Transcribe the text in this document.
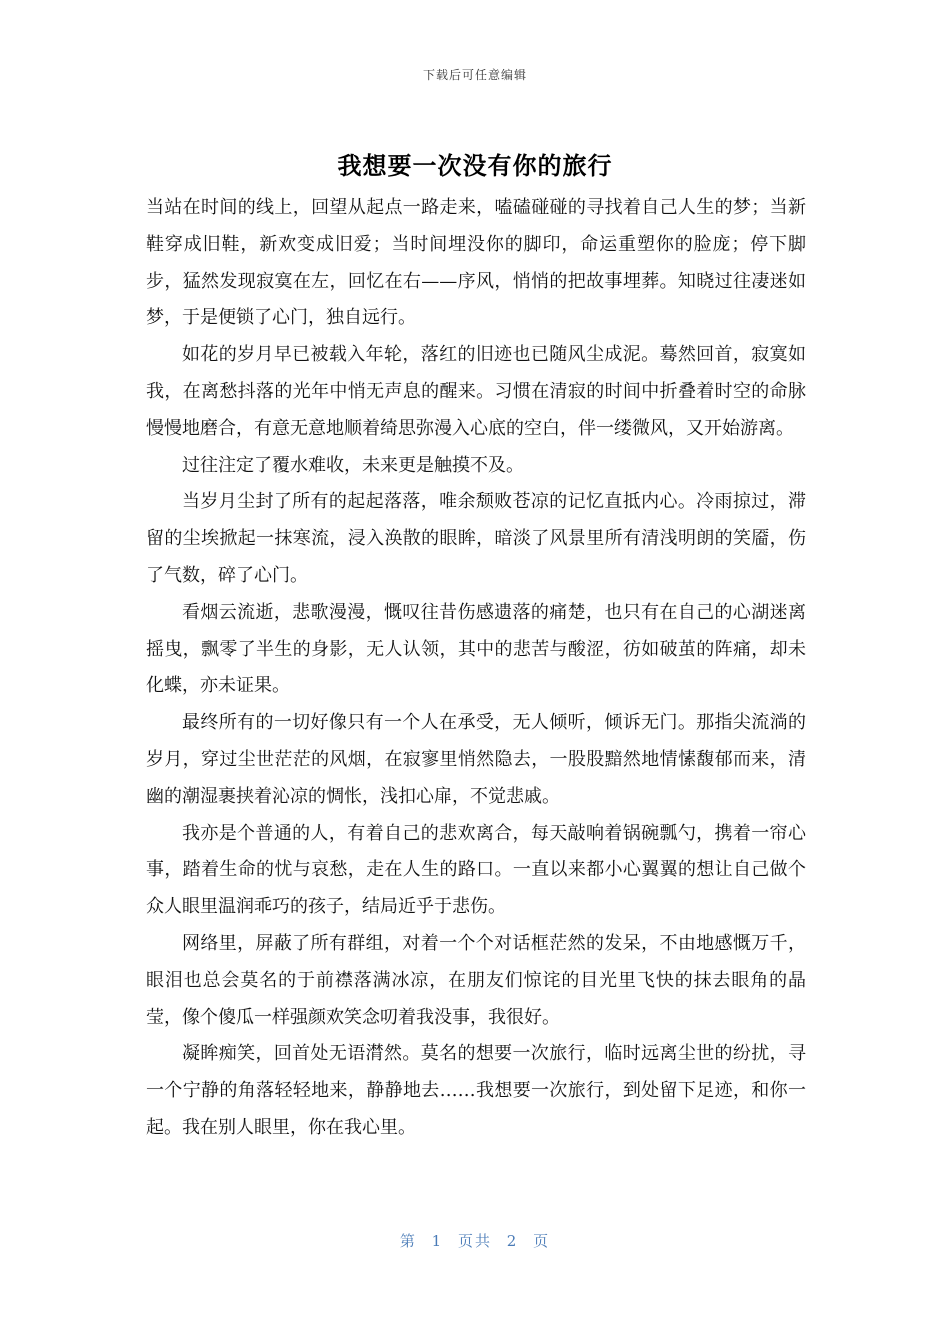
下载后可任意编辑
我想要一次没有你的旅行

当站在时间的线上，回望从起点一路走来，嗑磕碰碰的寻找着自己人生的梦；当新鞋穿成旧鞋，新欢变成旧爱；当时间埋没你的脚印，命运重塑你的脸庞；停下脚步，猛然发现寂寞在左，回忆在右——序风，悄悄的把故事埋葬。知晓过往凄迷如梦，于是便锁了心门，独自远行。

如花的岁月早已被载入年轮，落红的旧迹也已随风尘成泥。蓦然回首，寂寞如我，在离愁抖落的光年中悄无声息的醒来。习惯在清寂的时间中折叠着时空的命脉慢慢地磨合，有意无意地顺着绮思弥漫入心底的空白，伴一缕微风，又开始游离。

过往注定了覆水难收，未来更是触摸不及。

当岁月尘封了所有的起起落落，唯余颓败苍凉的记忆直抵内心。冷雨掠过，滞留的尘埃掀起一抹寒流，浸入涣散的眼眸，暗淡了风景里所有清浅明朗的笑靥，伤了气数，碎了心门。

看烟云流逝，悲歌漫漫，慨叹往昔伤感遗落的痛楚，也只有在自己的心湖迷离摇曳，飘零了半生的身影，无人认领，其中的悲苦与酸涩，彷如破茧的阵痛，却未化蝶，亦未证果。

最终所有的一切好像只有一个人在承受，无人倾听，倾诉无门。那指尖流淌的岁月，穿过尘世茫茫的风烟，在寂寥里悄然隐去，一股股黯然地情愫馥郁而来，清幽的潮湿裹挟着沁凉的惆怅，浅扣心扉，不觉悲戚。

我亦是个普通的人，有着自己的悲欢离合，每天敲响着锅碗瓢勺，携着一帘心事，踏着生命的忧与哀愁，走在人生的路口。一直以来都小心翼翼的想让自己做个众人眼里温润乖巧的孩子，结局近乎于悲伤。

网络里，屏蔽了所有群组，对着一个个对话框茫然的发呆，不由地感慨万千，眼泪也总会莫名的于前襟落满冰凉，在朋友们惊诧的目光里飞快的抹去眼角的晶莹，像个傻瓜一样强颜欢笑念叨着我没事，我很好。

凝眸痴笑，回首处无语潸然。莫名的想要一次旅行，临时远离尘世的纷扰，寻一个宁静的角落轻轻地来，静静地去……我想要一次旅行，到处留下足迹，和你一起。我在别人眼里，你在我心里。

第 1 页共 2 页
